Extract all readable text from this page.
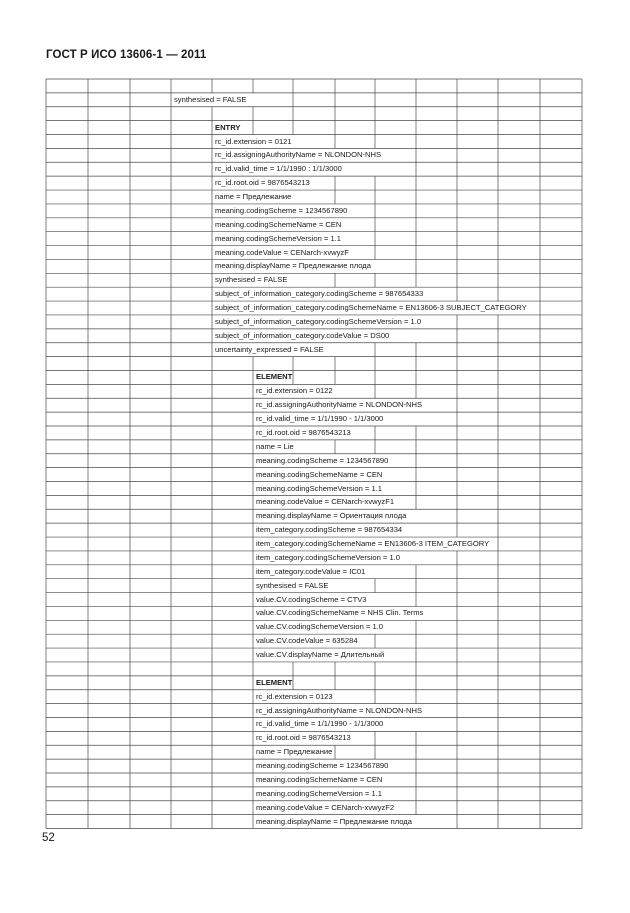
ГОСТ Р ИСО 13606-1 — 2011
synthesised = FALSE
ENTRY
rc_id.extension = 0121
rc_id.assigningAuthorityName = NLONDON-NHS
rc_id.valid_time = 1/1/1990 : 1/1/3000
rc_id.root.oid = 9876543213
name = Предлежание
meaning.codingScheme = 1234567890
meaning.codingSchemeName = CEN
meaning.codingSchemeVersion = 1.1
meaning.codeValue = CENarch-xvwyzF
meaning.displayName = Предлежание плода
synthesised = FALSE
subject_of_information_category.codingScheme = 987654333
subject_of_information_category.codingSchemeName = EN13606-3 SUBJECT_CATEGORY
subject_of_information_category.codingSchemeVersion = 1.0
subject_of_information_category.codeValue = DS00
uncertainty_expressed = FALSE
ELEMENT
rc_id.extension = 0122
rc_id.assigningAuthorityName = NLONDON-NHS
rc_id.valid_time = 1/1/1990 - 1/1/3000
rc_id.root.oid = 9876543213
name = Lie
meaning.codingScheme = 1234567890
meaning.codingSchemeName = CEN
meaning.codingSchemeVersion = 1.1
meaning.codeValue = CENarch-xvwyzF1
meaning.displayName = Ориентация плода
item_category.codingScheme = 987654334
item_category.codingSchemeName = EN13606-3 ITEM_CATEGORY
item_category.codingSchemeVersion = 1.0
item_category.codeValue = IC01
synthesised = FALSE
value.CV.codingScheme = CTV3
value.CV.codingSchemeName = NHS Clin. Terms
value.CV.codingSchemeVersion = 1.0
value.CV.codeValue = 635284
value.CV.displayName = Длительный
ELEMENT
rc_id.extension = 0123
rc_id.assigningAuthorityName = NLONDON-NHS
rc_id.valid_time = 1/1/1990 - 1/1/3000
rc_id.root.oid = 9876543213
name = Предлежание
meaning.codingScheme = 1234567890
meaning.codingSchemeName = CEN
meaning.codingSchemeVersion = 1.1
meaning.codeValue = CENarch-xvwyzF2
meaning.displayName = Предлежание плода
52
